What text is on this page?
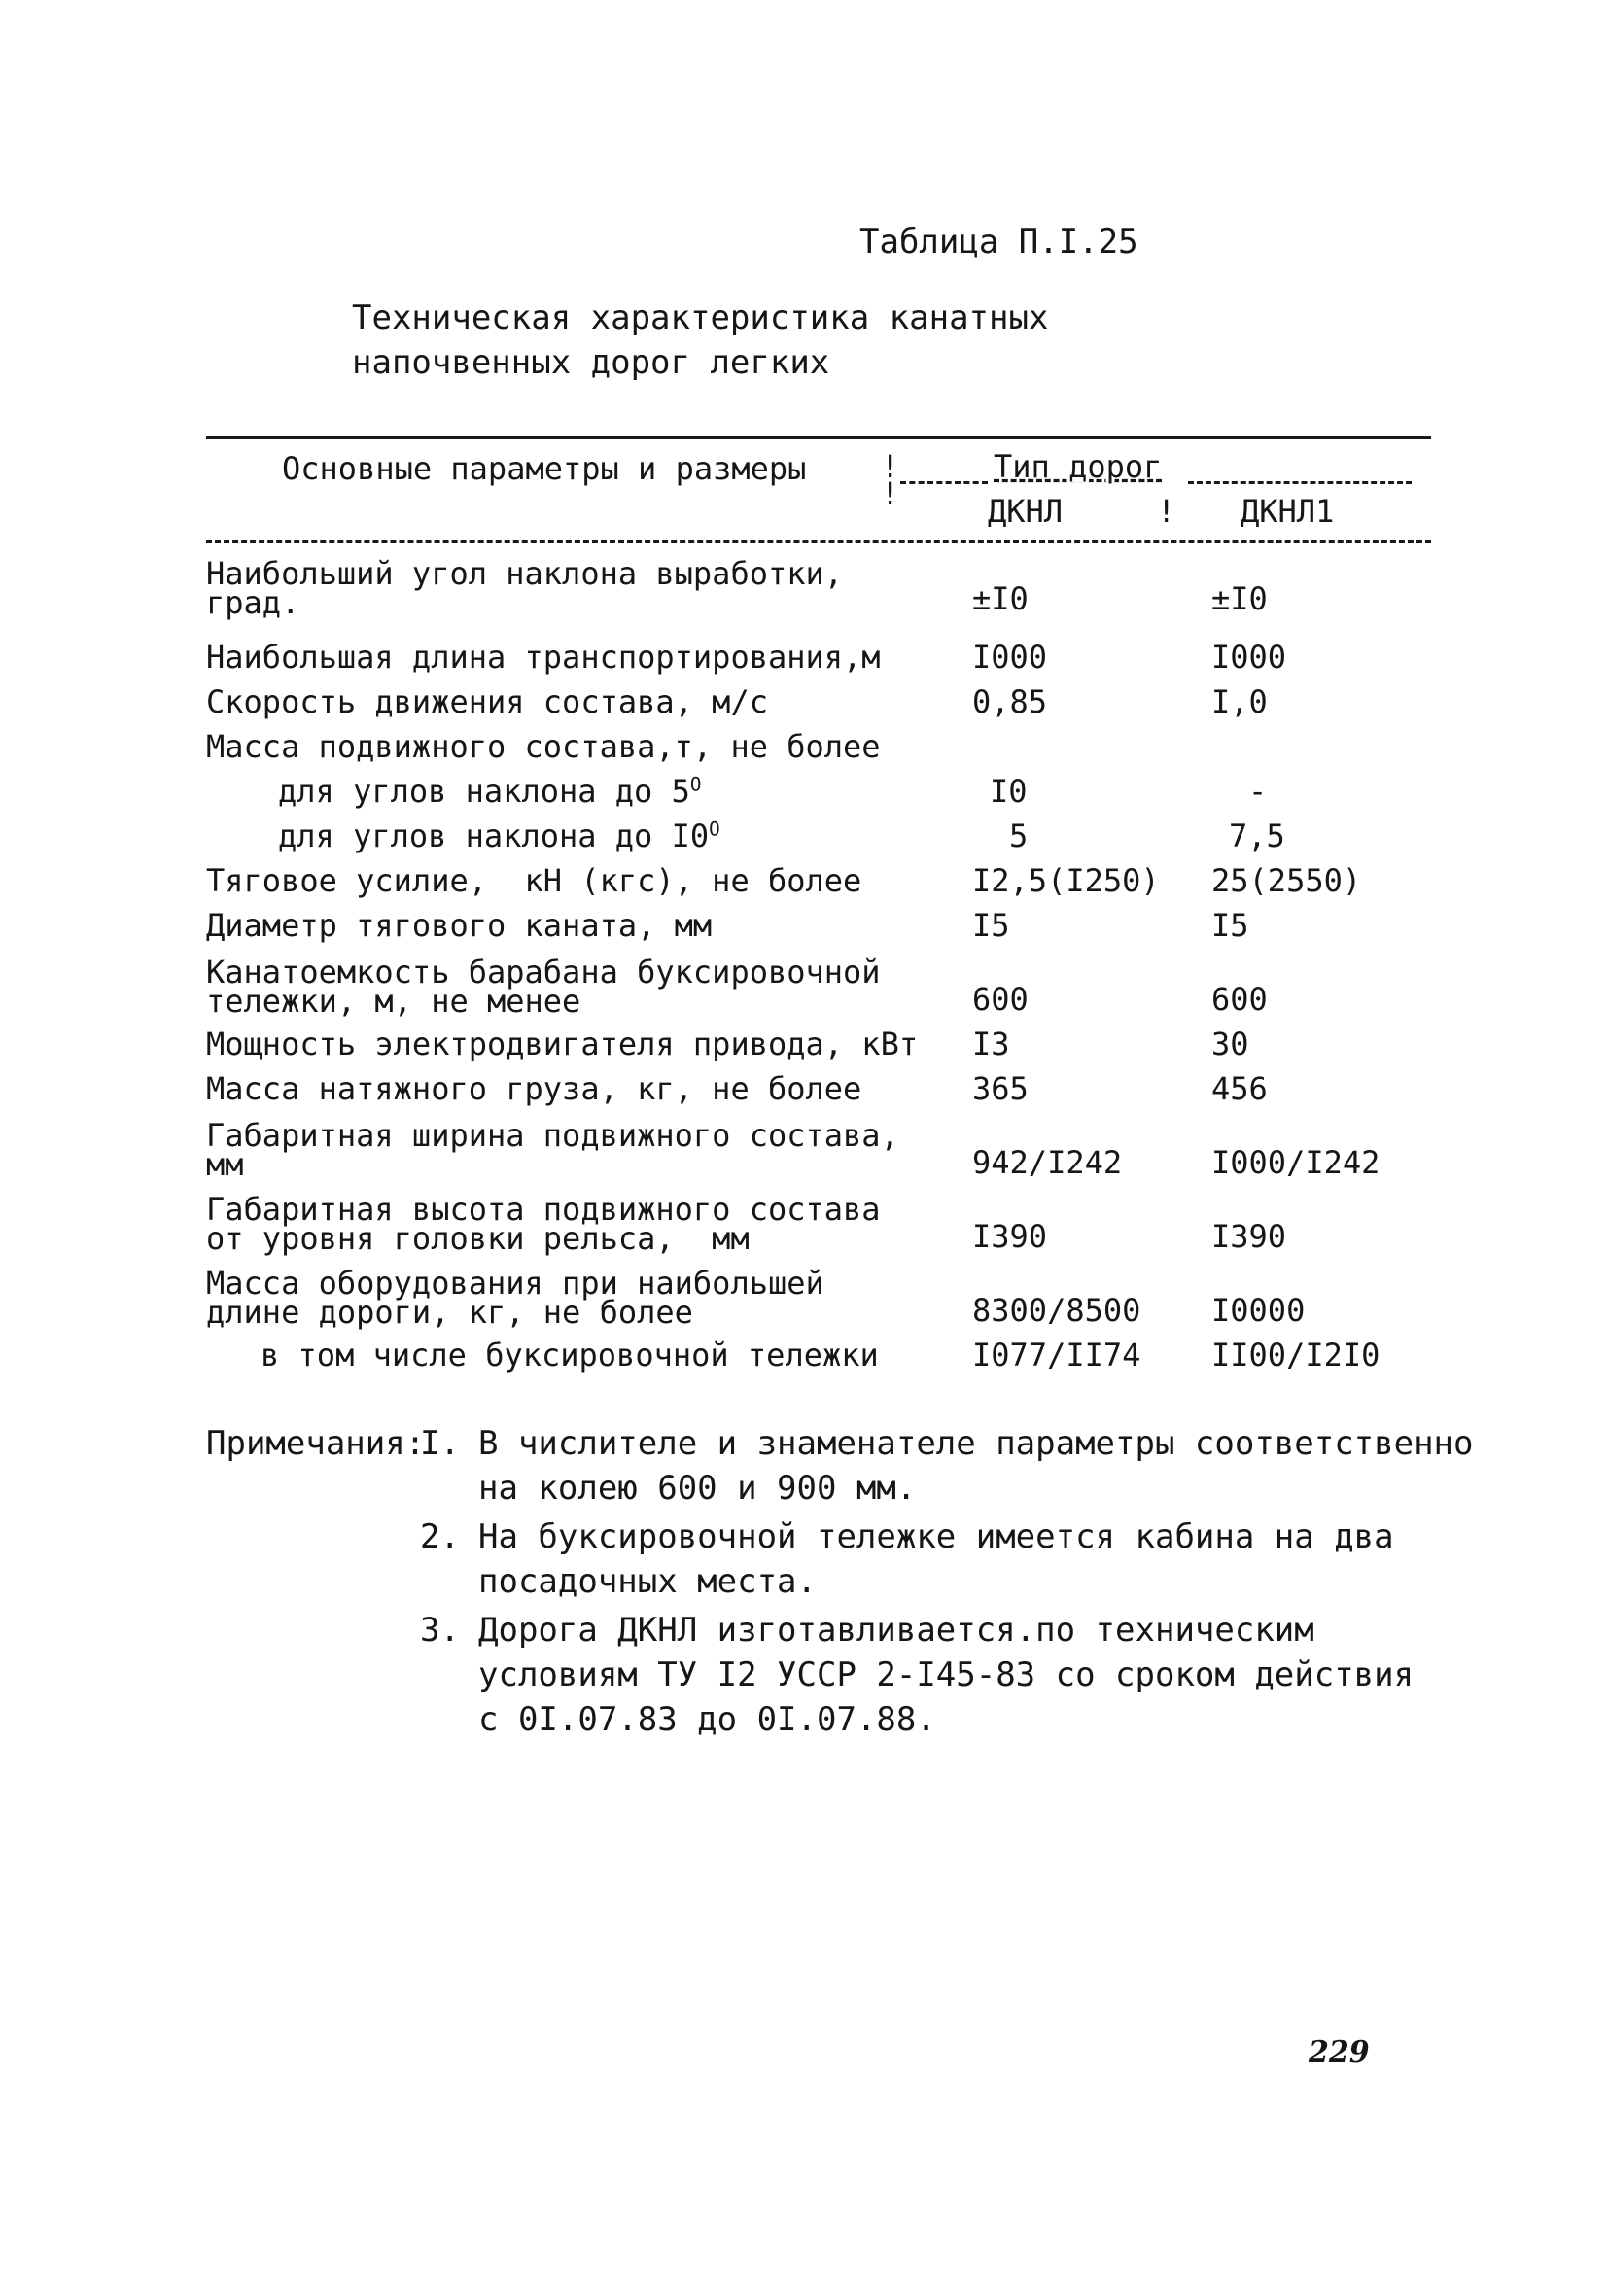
Таблица П.I.25
Техническая характеристика канатных
напочвенных дорог легких
Основные параметры и размеры !
!
Тип дорог
ДКНЛ	! ДКНЛ1
Наибольший угол наклона выработки,
град.	±I0	±I0
Наибольшая длина транспортирования,м	I000	I000
Скорость движения состава, м/с	0,85	I,0
Масса подвижного состава,т, не более
для углов наклона до $5^O$	I0	-
для углов наклона до $I0^O$	5	7,5
Тяговое усилие,  кН (кгс), не более	I2,5(I250) 25(2550)
Диаметр тягового каната, мм	I5	I5
Канатоемкость барабана буксировочной
тележки, м, не менее	600	600
Мощность электродвигателя привода, кВт I3	30
Масса натяжного груза, кг, не более	365	456
Габаритная ширина подвижного состава,
мм	942/I242	I000/I242
Габаритная высота подвижного состава
от уровня головки рельса,  мм	I390	I390
Масса оборудования при наибольшей
длине дороги, кг, не более	8300/8500 I0000
в том числе буксировочной тележки	I077/II74 II00/I2I0
Примечания:
I. В числителе и знаменателе параметры соответственно
на колею 600 и 900 мм.
2. На буксировочной тележке имеется кабина на два
посадочных места.
3. Дорога ДКНЛ изготавливается.по техническим
условиям ТУ I2 УССР 2-I45-83 со сроком действия
с 0I.07.83 до 0I.07.88.
229
